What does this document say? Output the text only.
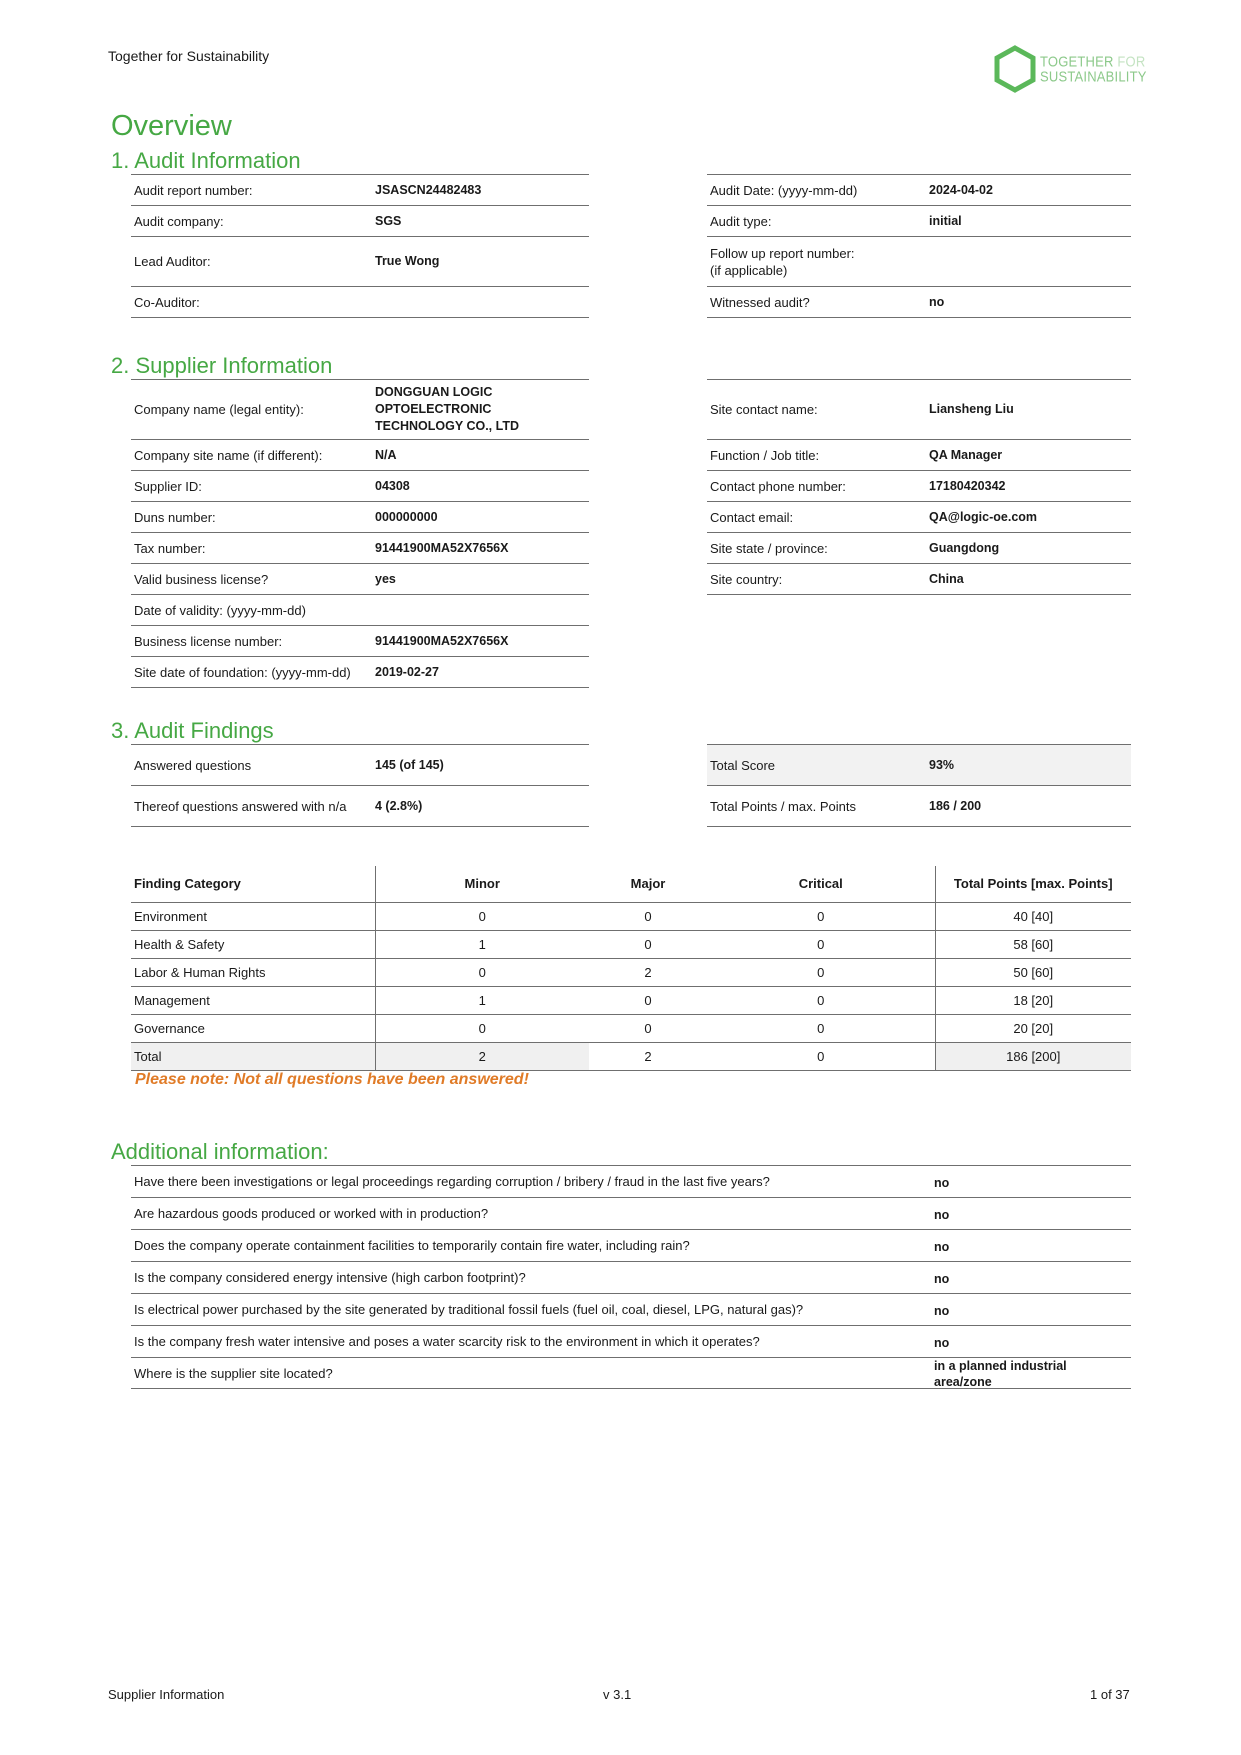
Together for Sustainability	TOGETHER FOR
SUSTAINABILITY
Overview
1. Audit Information
Audit report number:	JSASCN24482483
Audit company:	SGS
Lead Auditor:	True Wong
Co-Auditor:
Audit Date: (yyyy-mm-dd)	2024-04-02
Audit type:	initial
Follow up report number:
(if applicable)
Witnessed audit?	no
2. Supplier Information
Company name (legal entity):
DONGGUAN LOGIC
OPTOELECTRONIC
TECHNOLOGY CO., LTD
Company site name (if different):	N/A
Supplier ID:	04308
Duns number:	000000000
Tax number:	91441900MA52X7656X
Valid business license?	yes
Date of validity: (yyyy-mm-dd)
Business license number:	91441900MA52X7656X
Site date of foundation: (yyyy-mm-dd)	2019-02-27
Site contact name:	Liansheng Liu
Function / Job title:	QA Manager
Contact phone number:	17180420342
Contact email:	QA@logic-oe.com
Site state / province:	Guangdong
Site country:	China
3. Audit Findings
Answered questions	145 (of 145)
Thereof questions answered with n/a	4 (2.8%)
Total Score	93%
Total Points / max. Points	186 / 200
Finding Category	Minor	Major	Critical	Total Points [max. Points]
Environment	0	0	0	40 [40]
Health & Safety	1	0	0	58 [60]
Labor & Human Rights	0	2	0	50 [60]
Management	1	0	0	18 [20]
Governance	0	0	0	20 [20]
Total	2	2	0	186 [200]
Please note: Not all questions have been answered!
Additional information:
Have there been investigations or legal proceedings regarding corruption / bribery / fraud in the last five years?	no
Are hazardous goods produced or worked with in production?	no
Does the company operate containment facilities to temporarily contain fire water, including rain?	no
Is the company considered energy intensive (high carbon footprint)?	no
Is electrical power purchased by the site generated by traditional fossil fuels (fuel oil, coal, diesel, LPG, natural gas)?	no
Is the company fresh water intensive and poses a water scarcity risk to the environment in which it operates?	no
Where is the supplier site located?	in a planned industrial
area/zone
Supplier Information	v 3.1	1 of 37
